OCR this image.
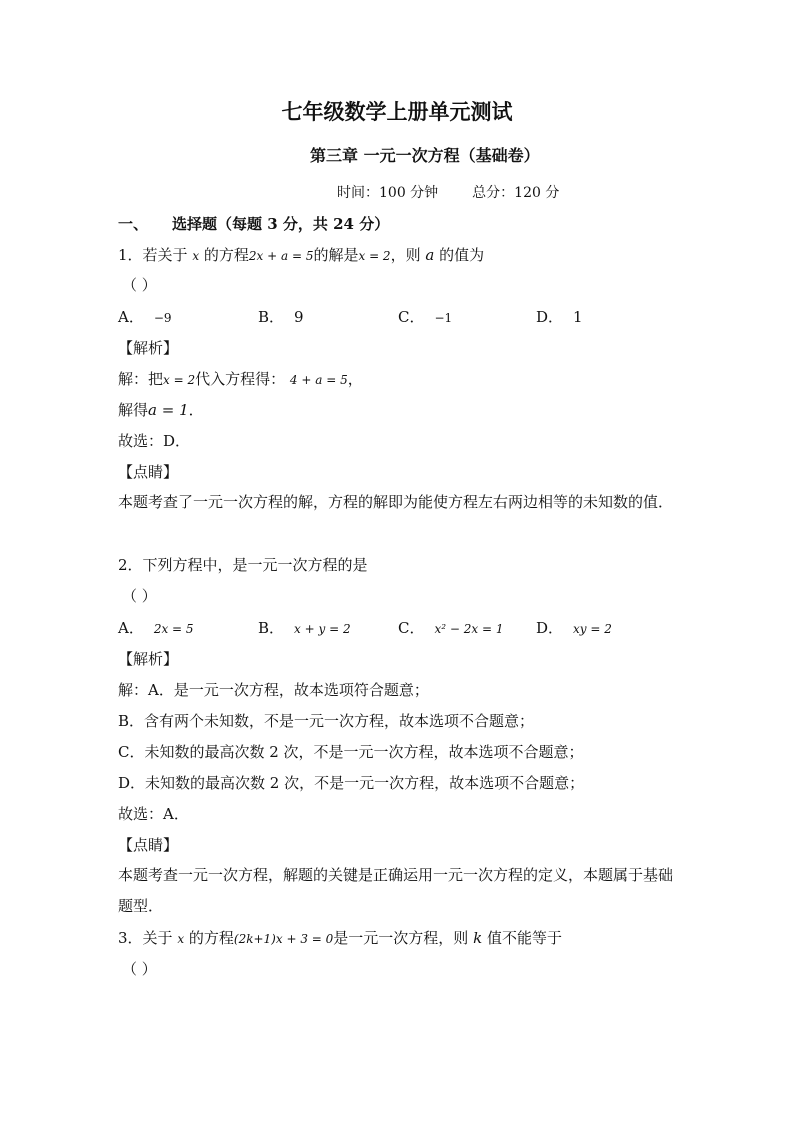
七年级数学上册单元测试
第三章 一元一次方程（基础卷）
时间：100 分钟 总分：120 分
一、 选择题（每题 3 分，共 24 分）
1．若关于 x 的方程2x + a = 5的解是x = 2，则 a 的值为
（ ）
A． −9	B． 9	C． −1	D． 1
【解析】
解：把x = 2代入方程得： 4 + a = 5，
解得a = 1．
故选：D．
【点睛】
本题考查了一元一次方程的解，方程的解即为能使方程左右两边相等的未知数的值．
2．下列方程中，是一元一次方程的是
（ ）
A． 2x = 5	B． x + y = 2	C． x² − 2x = 1 D． xy = 2
【解析】
解：A．是一元一次方程，故本选项符合题意；
B．含有两个未知数，不是一元一次方程，故本选项不合题意；
C．未知数的最高次数 2 次，不是一元一次方程，故本选项不合题意；
D．未知数的最高次数 2 次，不是一元一次方程，故本选项不合题意；
故选：A．
【点睛】
本题考查一元一次方程，解题的关键是正确运用一元一次方程的定义，本题属于基础题型．
3．关于 x 的方程(2k+1)x + 3 = 0是一元一次方程，则 k 值不能等于
（ ）
